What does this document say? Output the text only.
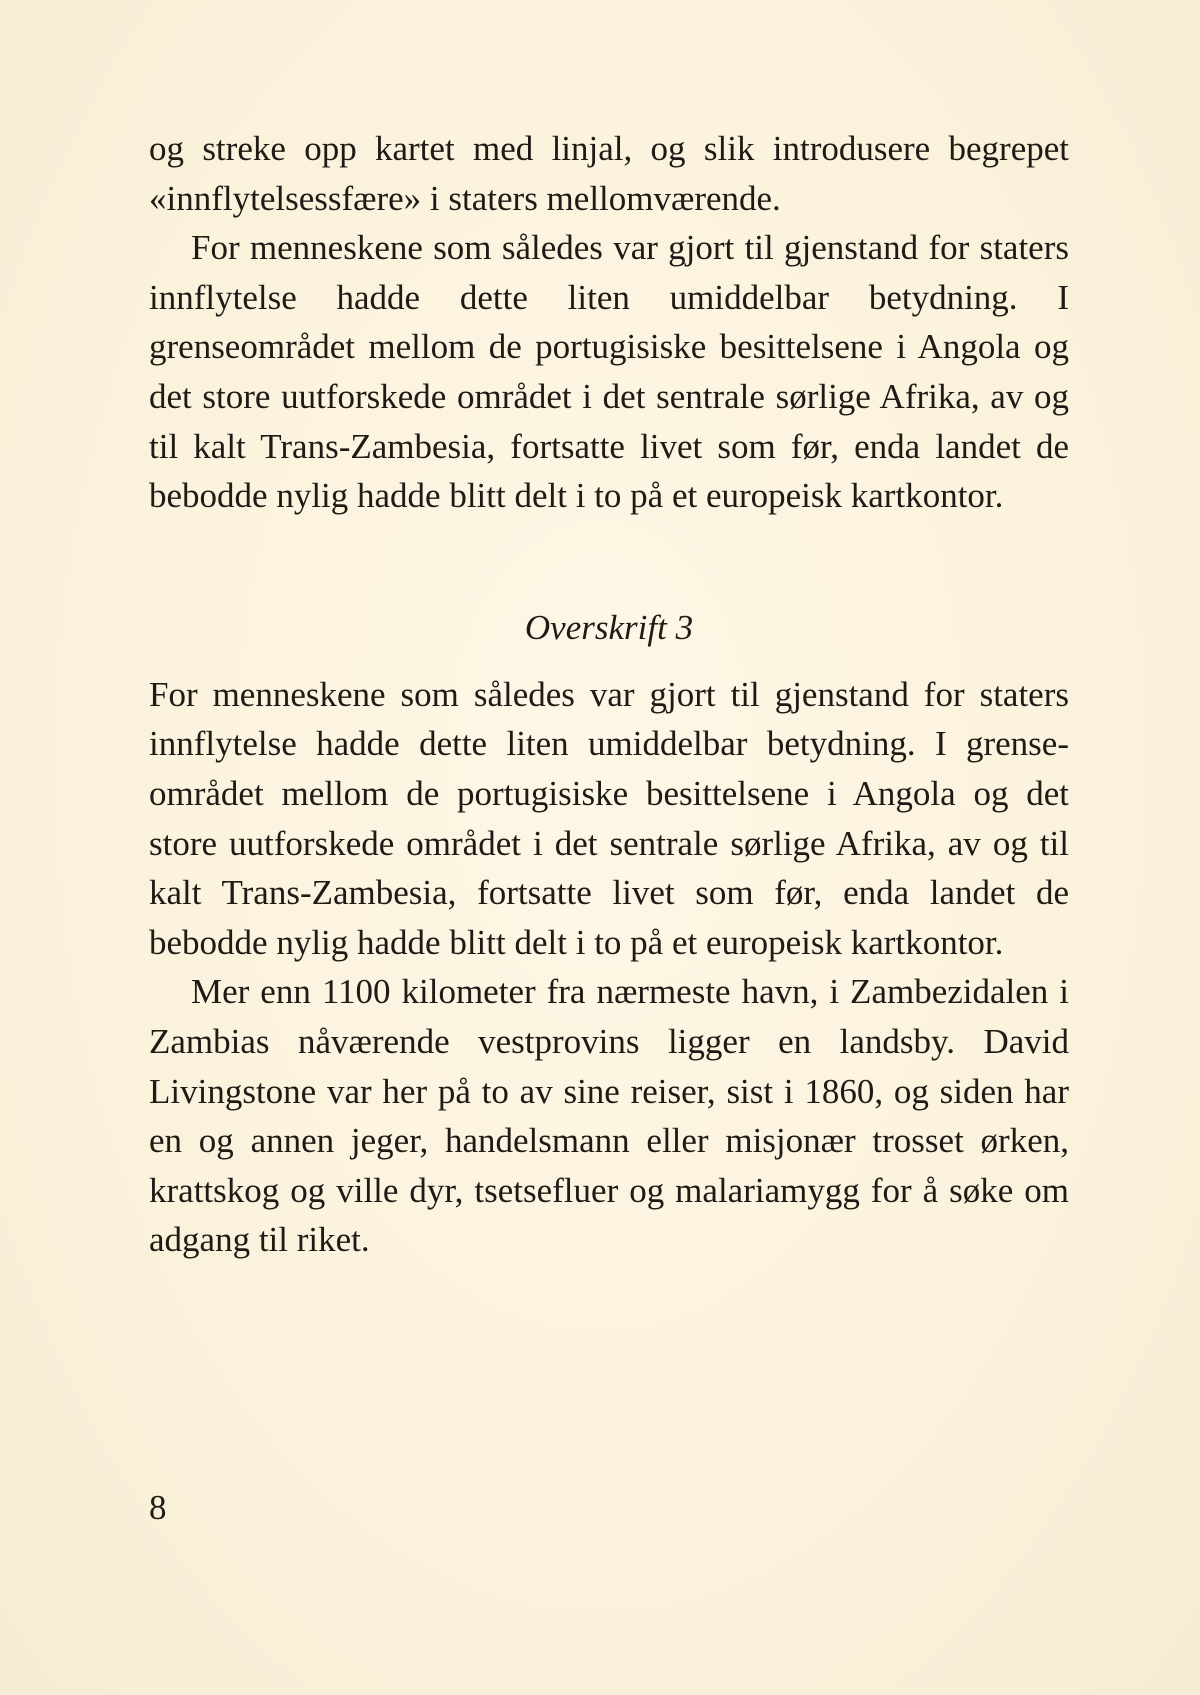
og streke opp kartet med linjal, og slik introdusere begrepet «innflytelsessfære» i staters mellomværende.

For menneskene som således var gjort til gjenstand for staters innflytelse hadde dette liten umiddelbar betydning. I grenseområdet mellom de portugisiske besittelsene i Angola og det store uutforskede området i det sentrale sørlige Afrika, av og til kalt Trans-Zambesia, fortsatte livet som før, enda landet de bebodde nylig hadde blitt delt i to på et europeisk kartkontor.

Overskrift 3

For menneskene som således var gjort til gjenstand for staters innflytelse hadde dette liten umiddelbar betydning. I grenseområdet mellom de portugisiske besittelsene i Angola og det store uutforskede området i det sentrale sørlige Afrika, av og til kalt Trans-Zambesia, fortsatte livet som før, enda landet de bebodde nylig hadde blitt delt i to på et europeisk kartkontor.

Mer enn 1100 kilometer fra nærmeste havn, i Zambezidalen i Zambias nåværende vestprovins ligger en landsby. David Livingstone var her på to av sine reiser, sist i 1860, og siden har en og annen jeger, handelsmann eller misjonær trosset ørken, krattskog og ville dyr, tsetsefluer og malariamygg for å søke om adgang til riket.

8
